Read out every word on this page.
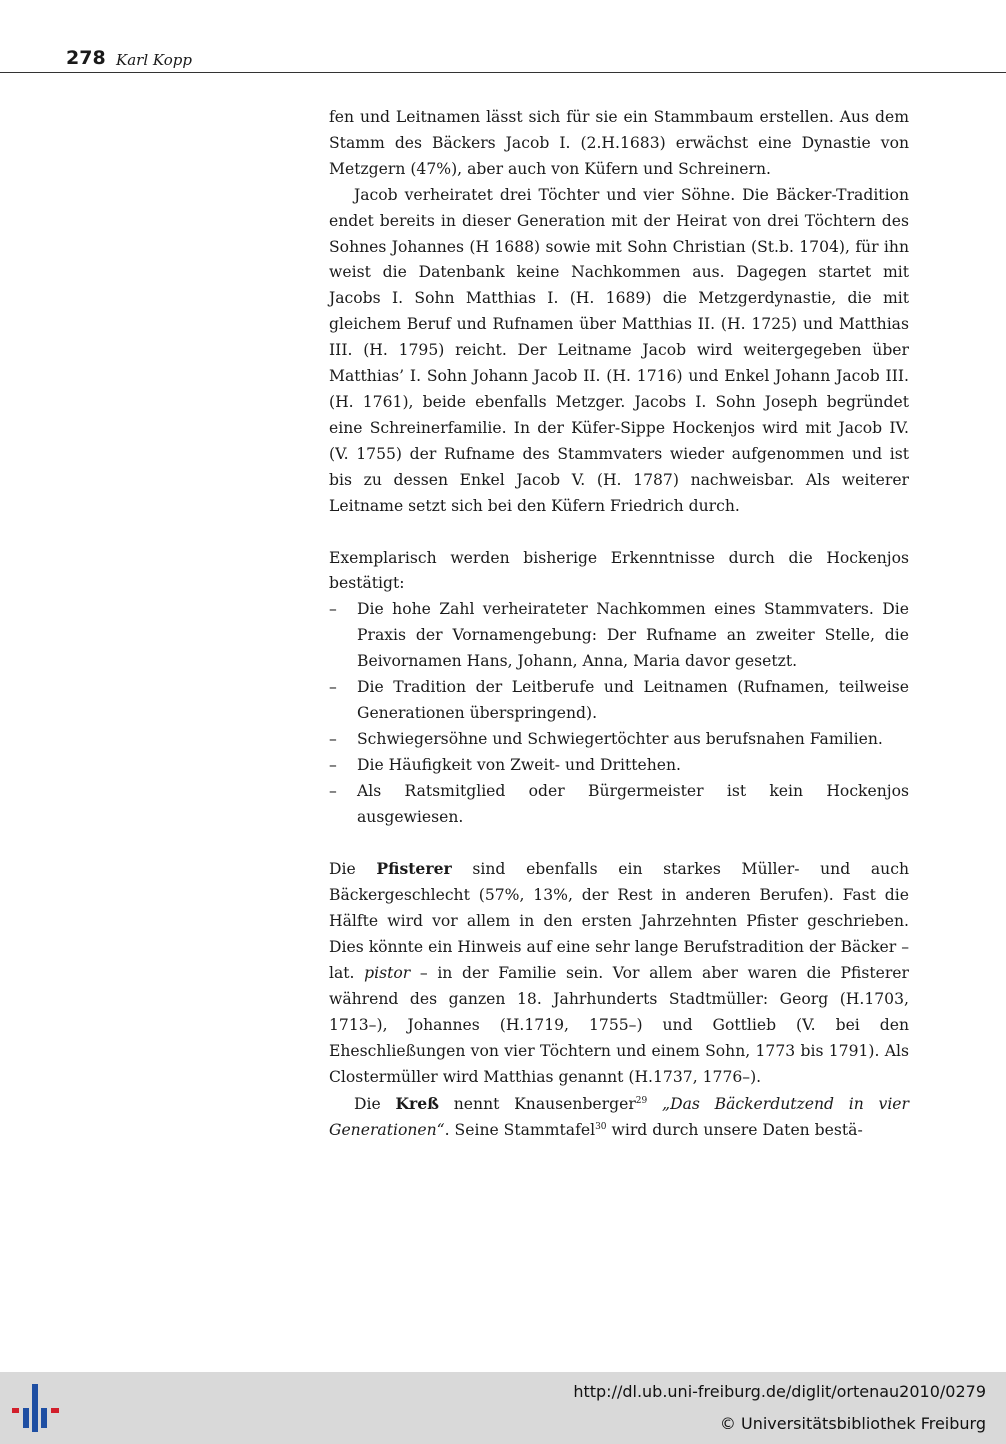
278 Karl Kopp

fen und Leitnamen lässt sich für sie ein Stammbaum erstellen. Aus dem Stamm des Bäckers Jacob I. (2.H.1683) erwächst eine Dynastie von Metzgern (47%), aber auch von Küfern und Schreinern.

Jacob verheiratet drei Töchter und vier Söhne. Die Bäcker-Tradition endet bereits in dieser Generation mit der Heirat von drei Töchtern des Sohnes Johannes (H 1688) sowie mit Sohn Christian (St.b. 1704), für ihn weist die Datenbank keine Nachkommen aus. Dagegen startet mit Jacobs I. Sohn Matthias I. (H. 1689) die Metzgerdynastie, die mit gleichem Beruf und Rufnamen über Matthias II. (H. 1725) und Matthias III. (H. 1795) reicht. Der Leitname Jacob wird weitergegeben über Matthias’ I. Sohn Johann Jacob II. (H. 1716) und Enkel Johann Jacob III. (H. 1761), beide ebenfalls Metzger. Jacobs I. Sohn Joseph begründet eine Schreinerfamilie. In der Küfer-Sippe Hockenjos wird mit Jacob IV. (V. 1755) der Rufname des Stammvaters wieder aufgenommen und ist bis zu dessen Enkel Jacob V. (H. 1787) nachweisbar. Als weiterer Leitname setzt sich bei den Küfern Friedrich durch.

Exemplarisch werden bisherige Erkenntnisse durch die Hockenjos bestätigt:

– Die hohe Zahl verheirateter Nachkommen eines Stammvaters. Die Praxis der Vornamengebung: Der Rufname an zweiter Stelle, die Beivornamen Hans, Johann, Anna, Maria davor gesetzt.
– Die Tradition der Leitberufe und Leitnamen (Rufnamen, teilweise Generationen überspringend).
– Schwiegersöhne und Schwiegertöchter aus berufsnahen Familien.
– Die Häufigkeit von Zweit- und Drittehen.
– Als Ratsmitglied oder Bürgermeister ist kein Hockenjos ausgewiesen.

Die Pfisterer sind ebenfalls ein starkes Müller- und auch Bäckergeschlecht (57%, 13%, der Rest in anderen Berufen). Fast die Hälfte wird vor allem in den ersten Jahrzehnten Pfister geschrieben. Dies könnte ein Hinweis auf eine sehr lange Berufstradition der Bäcker – lat. pistor – in der Familie sein. Vor allem aber waren die Pfisterer während des ganzen 18. Jahrhunderts Stadtmüller: Georg (H.1703, 1713–), Johannes (H.1719, 1755–) und Gottlieb (V. bei den Eheschließungen von vier Töchtern und einem Sohn, 1773 bis 1791). Als Clostermüller wird Matthias genannt (H.1737, 1776–).

Die Kreß nennt Knausenberger$^{29}$ „Das Bäckerdutzend in vier Generationen“. Seine Stammtafel$^{30}$ wird durch unsere Daten bestä-

http://dl.ub.uni-freiburg.de/diglit/ortenau2010/0279
© Universitätsbibliothek Freiburg
